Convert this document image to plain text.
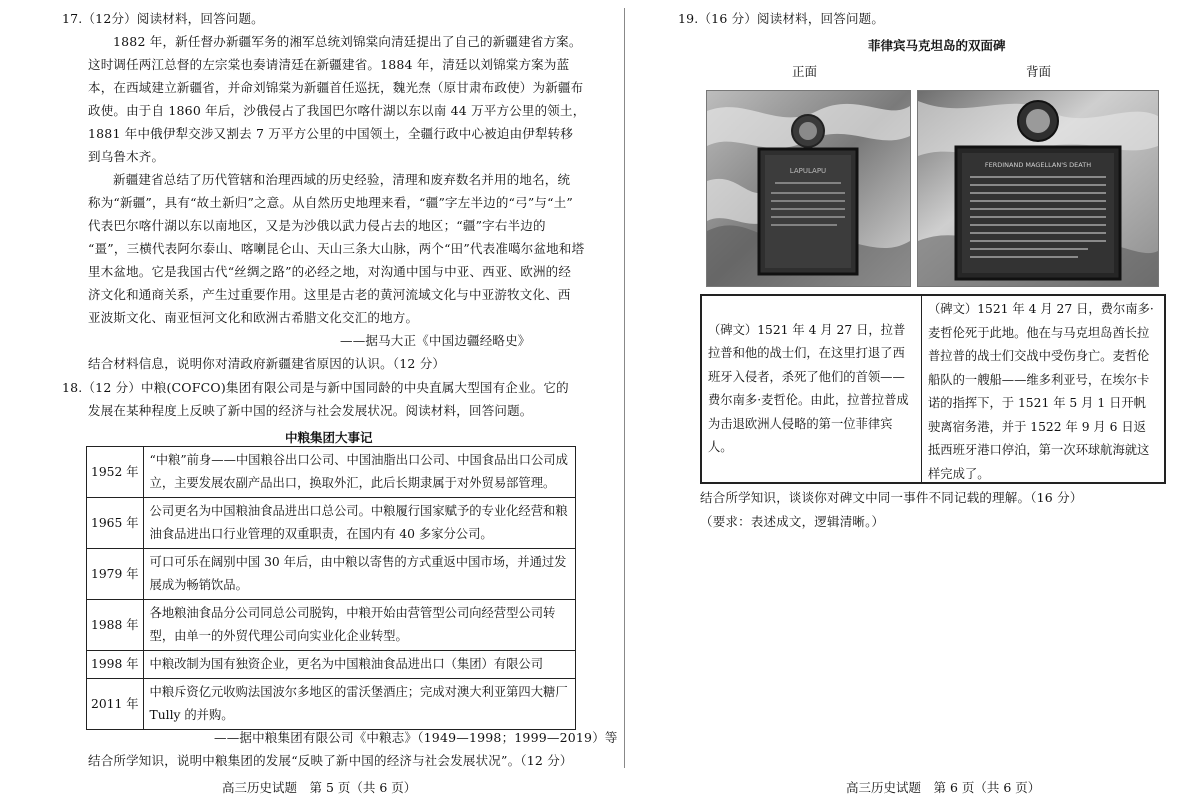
17.（12分）阅读材料，回答问题。
1882 年，新任督办新疆军务的湘军总统刘锦棠向清廷提出了自己的新疆建省方案。
这时调任两江总督的左宗棠也奏请清廷在新疆建省。1884 年，清廷以刘锦棠方案为蓝
本，在西域建立新疆省，并命刘锦棠为新疆首任巡抚，魏光焘（原甘肃布政使）为新疆布
政使。由于自 1860 年后，沙俄侵占了我国巴尔喀什湖以东以南 44 万平方公里的领土，
1881 年中俄伊犁交涉又割去 7 万平方公里的中国领土，全疆行政中心被迫由伊犁转移
到乌鲁木齐。
新疆建省总结了历代管辖和治理西域的历史经验，清理和废弃数名并用的地名，统
称为“新疆”，具有“故土新归”之意。从自然历史地理来看，“疆”字左半边的“弓”与“土”
代表巴尔喀什湖以东以南地区，又是为沙俄以武力侵占去的地区；“疆”字右半边的
“畺”，三横代表阿尔泰山、喀喇昆仑山、天山三条大山脉，两个“田”代表准噶尔盆地和塔
里木盆地。它是我国古代“丝绸之路”的必经之地，对沟通中国与中亚、西亚、欧洲的经
济文化和通商关系，产生过重要作用。这里是古老的黄河流域文化与中亚游牧文化、西
亚波斯文化、南亚恒河文化和欧洲古希腊文化交汇的地方。
——据马大正《中国边疆经略史》
结合材料信息，说明你对清政府新疆建省原因的认识。（12 分）
18.（12 分）中粮(COFCO)集团有限公司是与新中国同龄的中央直属大型国有企业。它的
发展在某种程度上反映了新中国的经济与社会发展状况。阅读材料，回答问题。
中粮集团大事记
1952 年	“中粮”前身——中国粮谷出口公司、中国油脂出口公司、中国食品出口公司成立，主要发展农副产品出口，换取外汇，此后长期隶属于对外贸易部管理。
1965 年	公司更名为中国粮油食品进出口总公司。中粮履行国家赋予的专业化经营和粮油食品进出口行业管理的双重职责，在国内有 40 多家分公司。
1979 年	可口可乐在阔别中国 30 年后，由中粮以寄售的方式重返中国市场，并通过发展成为畅销饮品。
1988 年	各地粮油食品分公司同总公司脱钩，中粮开始由营管型公司向经营型公司转型，由单一的外贸代理公司向实业化企业转型。
1998 年	中粮改制为国有独资企业，更名为中国粮油食品进出口（集团）有限公司
2011 年	中粮斥资亿元收购法国波尔多地区的雷沃堡酒庄；完成对澳大利亚第四大糖厂 Tully 的并购。
——据中粮集团有限公司《中粮志》（1949—1998；1999—2019）等
结合所学知识，说明中粮集团的发展“反映了新中国的经济与社会发展状况”。（12 分）
高三历史试题　第 5 页（共 6 页）
19.（16 分）阅读材料，回答问题。
菲律宾马克坦岛的双面碑
正面	背面
LAPULAPU
FERDINAND MAGELLAN'S DEATH
（碑文）1521 年 4 月 27 日，拉普拉普和他的战士们，在这里打退了西班牙入侵者，杀死了他们的首领——费尔南多·麦哲伦。由此，拉普拉普成为击退欧洲人侵略的第一位菲律宾人。
（碑文）1521 年 4 月 27 日，费尔南多·麦哲伦死于此地。他在与马克坦岛酋长拉普拉普的战士们交战中受伤身亡。麦哲伦船队的一艘船——维多利亚号，在埃尔卡诺的指挥下，于 1521 年 5 月 1 日开帆驶离宿务港，并于 1522 年 9 月 6 日返抵西班牙港口停泊，第一次环球航海就这样完成了。
结合所学知识，谈谈你对碑文中同一事件不同记载的理解。（16 分）
（要求：表述成文，逻辑清晰。）
高三历史试题　第 6 页（共 6 页）
